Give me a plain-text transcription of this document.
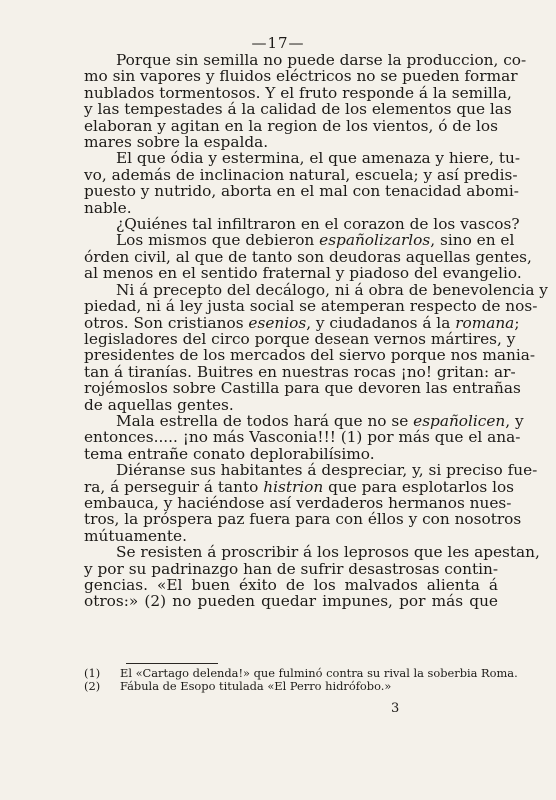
—17—
Porque sin semilla no puede darse la produccion, co-
mo sin vapores y fluidos eléctricos no se pueden formar
nublados tormentosos. Y el fruto responde á la semilla,
y las tempestades á la calidad de los elementos que las
elaboran y agitan en la region de los vientos, ó de los
mares sobre la espalda.
El que ódia y estermina, el que amenaza y hiere, tu-
vo, además de inclinacion natural, escuela; y así predis-
puesto y nutrido, aborta en el mal con tenacidad abomi-
nable.
¿Quiénes tal infiltraron en el corazon de los vascos?
Los mismos que debieron españolizarlos, sino en el
órden civil, al que de tanto son deudoras aquellas gentes,
al menos en el sentido fraternal y piadoso del evangelio.
Ni á precepto del decálogo, ni á obra de benevolencia y
piedad, ni á ley justa social se atemperan respecto de nos-
otros. Son cristianos esenios, y ciudadanos á la romana;
legisladores del circo porque desean vernos mártires, y
presidentes de los mercados del siervo porque nos mania-
tan á tiranías. Buitres en nuestras rocas ¡no! gritan: ar-
rojémoslos sobre Castilla para que devoren las entrañas
de aquellas gentes.
Mala estrella de todos hará que no se españolicen, y
entonces..... ¡no más Vasconia!!! (1) por más que el ana-
tema entrañe conato deplorabilísimo.
Diéranse sus habitantes á despreciar, y, si preciso fue-
ra, á perseguir á tanto histrion que para esplotarlos los
embauca, y haciéndose así verdaderos hermanos nues-
tros, la próspera paz fuera para con éllos y con nosotros
mútuamente.
Se resisten á proscribir á los leprosos que les apestan,
y por su padrinazgo han de sufrir desastrosas contin-
gencias. «El buen éxito de los malvados alienta á
otros:» (2) no pueden quedar impunes, por más que
(1) El «Cartago delenda!» que fulminó contra su rival la soberbia Roma.
(2) Fábula de Esopo titulada «El Perro hidrófobo.»
3
